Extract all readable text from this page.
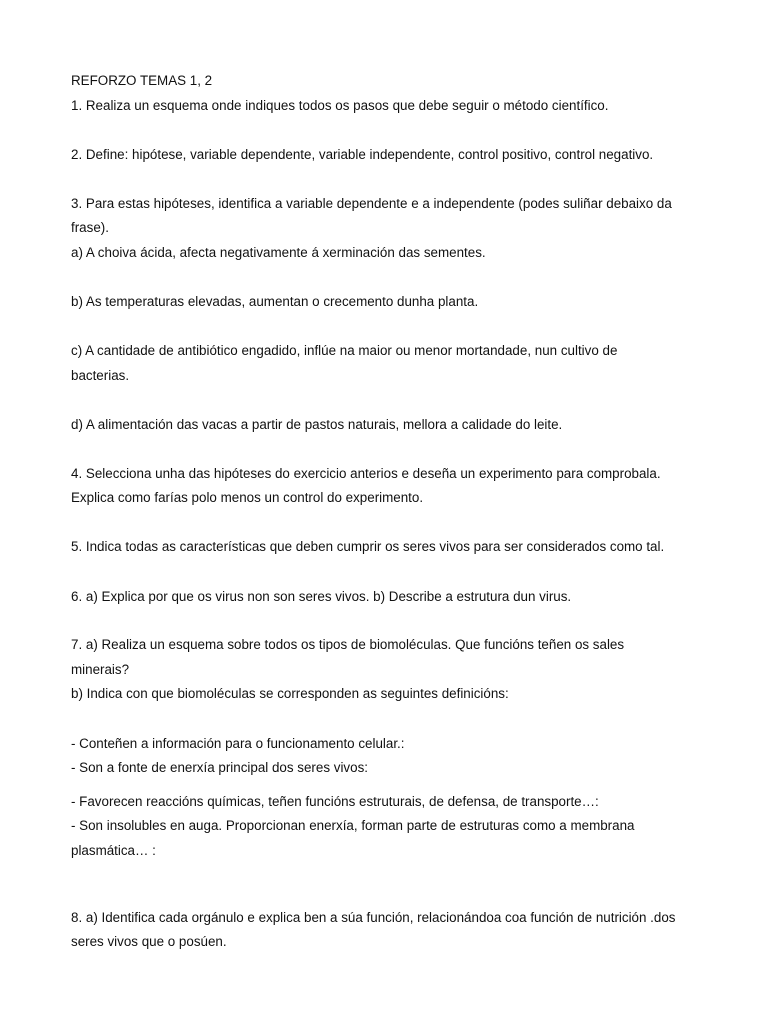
REFORZO TEMAS 1, 2
1. Realiza un esquema onde indiques todos os pasos que debe seguir o método científico.
2. Define: hipótese, variable dependente, variable independente, control positivo, control negativo.
3. Para estas hipóteses, identifica a variable dependente e a independente (podes suliñar debaixo da
frase).
a) A choiva ácida, afecta negativamente á xerminación das sementes.
b) As temperaturas elevadas, aumentan o crecemento dunha planta.
c) A cantidade de antibiótico engadido, inflúe na maior ou menor mortandade, nun cultivo de
bacterias.
d) A alimentación das vacas a partir de pastos naturais, mellora a calidade do leite.
4. Selecciona unha das hipóteses do exercicio anterios e deseña un experimento para comprobala.
Explica como farías polo menos un control do experimento.
5. Indica todas as características que deben cumprir os seres vivos para ser considerados como tal.
6. a) Explica por que os virus non son seres vivos. b) Describe a estrutura dun virus.
7. a) Realiza un esquema sobre todos os tipos de biomoléculas. Que funcións teñen os sales
minerais?
b) Indica con que biomoléculas se corresponden as seguintes definicións:
- Conteñen a información para o funcionamento celular.:
- Son a fonte de enerxía principal dos seres vivos:
- Favorecen reaccións químicas, teñen funcións estruturais, de defensa, de transporte…:
- Son insolubles en auga. Proporcionan enerxía, forman parte de estruturas como a membrana
plasmática… :
8. a) Identifica cada orgánulo e explica ben a súa función, relacionándoa coa función de nutrición .dos
seres vivos que o posúen.
